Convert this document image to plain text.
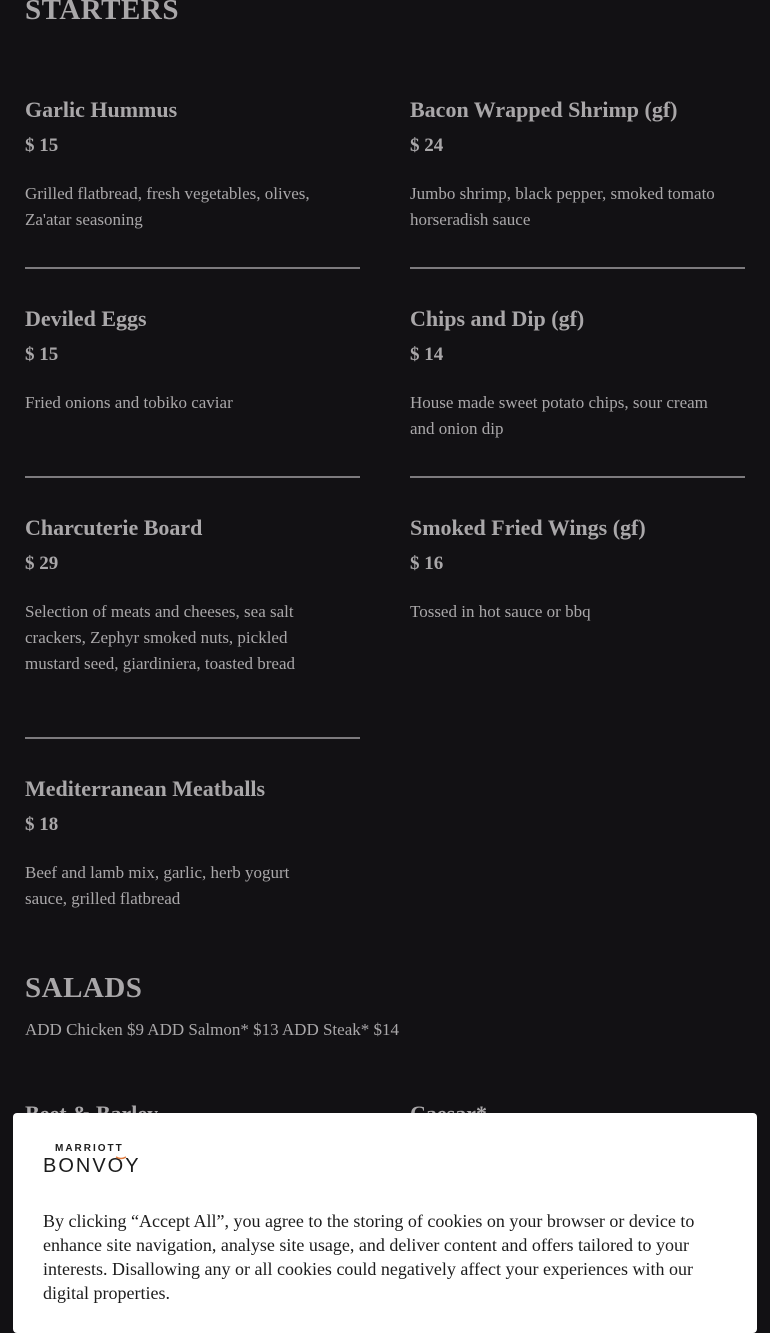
STARTERS
Garlic Hummus
$ 15
Grilled flatbread, fresh vegetables, olives, Za'atar seasoning
Bacon Wrapped Shrimp (gf)
$ 24
Jumbo shrimp, black pepper, smoked tomato horseradish sauce
Deviled Eggs
$ 15
Fried onions and tobiko caviar
Chips and Dip (gf)
$ 14
House made sweet potato chips, sour cream and onion dip
Charcuterie Board
$ 29
Selection of meats and cheeses, sea salt crackers, Zephyr smoked nuts, pickled mustard seed, giardiniera, toasted bread
Smoked Fried Wings (gf)
$ 16
Tossed in hot sauce or bbq
Mediterranean Meatballs
$ 18
Beef and lamb mix, garlic, herb yogurt sauce, grilled flatbread
SALADS
ADD Chicken $9 ADD Salmon* $13 ADD Steak* $14
MARRIOTT
BONVOY
By clicking “Accept All”, you agree to the storing of cookies on your browser or device to enhance site navigation, analyse site usage, and deliver content and offers tailored to your interests. Disallowing any or all cookies could negatively affect your experiences with our digital properties.
